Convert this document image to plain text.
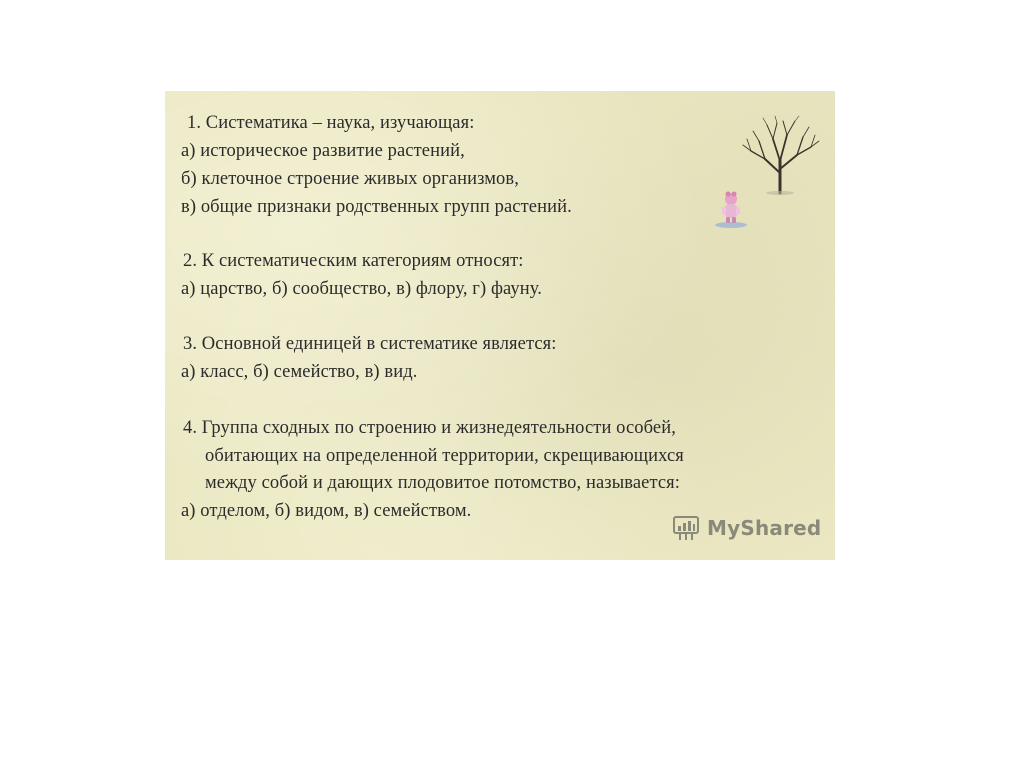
1. Систематика – наука, изучающая:
а) историческое развитие растений,
б) клеточное строение живых организмов,
в) общие признаки родственных групп растений.
2. К систематическим категориям относят:
а) царство, б) сообщество, в) флору, г) фауну.
3. Основной единицей в систематике является:
а) класс, б) семейство, в) вид.
4. Группа сходных по строению и жизнедеятельности особей,
обитающих на определенной территории, скрещивающихся
между собой и дающих плодовитое потомство, называется:
а) отделом, б) видом, в) семейством.
MyShared
